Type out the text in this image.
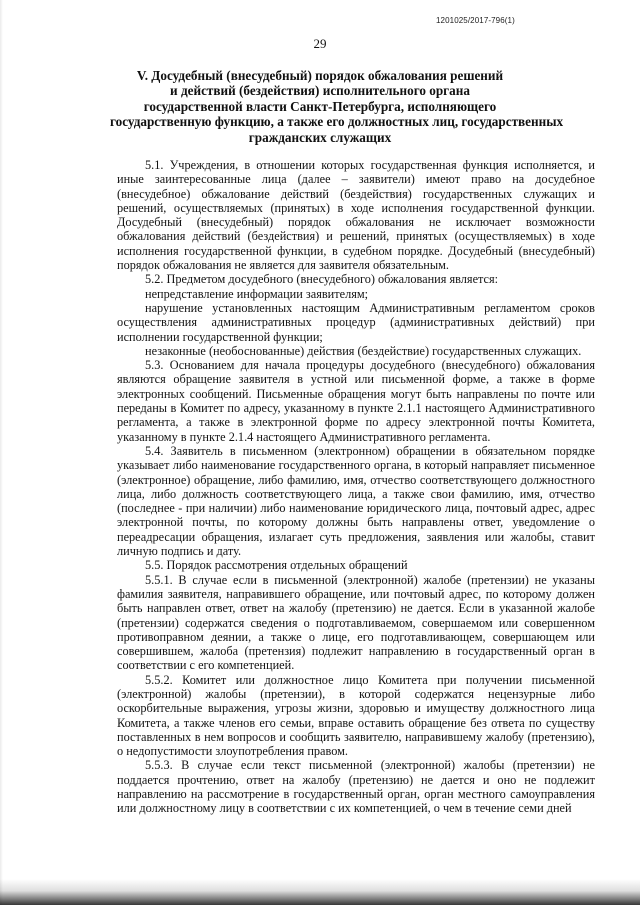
1201025/2017-796(1)
29
V. Досудебный (внесудебный) порядок обжалования решений
и действий (бездействия) исполнительного органа
государственной власти Санкт-Петербурга, исполняющего
государственную функцию, а также его должностных лиц, государственных
гражданских служащих

5.1. Учреждения, в отношении которых государственная функция исполняется, и иные заинтересованные лица (далее – заявители) имеют право на досудебное (внесудебное) обжалование действий (бездействия) государственных служащих и решений, осуществляемых (принятых) в ходе исполнения государственной функции. Досудебный (внесудебный) порядок обжалования не исключает возможности обжалования действий (бездействия) и решений, принятых (осуществляемых) в ходе исполнения государственной функции, в судебном порядке. Досудебный (внесудебный) порядок обжалования не является для заявителя обязательным.

5.2. Предметом досудебного (внесудебного) обжалования является:

непредставление информации заявителям;

нарушение установленных настоящим Административным регламентом сроков осуществления административных процедур (административных действий) при исполнении государственной функции;

незаконные (необоснованные) действия (бездействие) государственных служащих.

5.3. Основанием для начала процедуры досудебного (внесудебного) обжалования являются обращение заявителя в устной или письменной форме, а также в форме электронных сообщений. Письменные обращения могут быть направлены по почте или переданы в Комитет по адресу, указанному в пункте 2.1.1 настоящего Административного регламента, а также в электронной форме по адресу электронной почты Комитета, указанному в пункте 2.1.4 настоящего Административного регламента.

5.4. Заявитель в письменном (электронном) обращении в обязательном порядке указывает либо наименование государственного органа, в который направляет письменное (электронное) обращение, либо фамилию, имя, отчество соответствующего должностного лица, либо должность соответствующего лица, а также свои фамилию, имя, отчество (последнее - при наличии) либо наименование юридического лица, почтовый адрес, адрес электронной почты, по которому должны быть направлены ответ, уведомление о переадресации обращения, излагает суть предложения, заявления или жалобы, ставит личную подпись и дату.

5.5. Порядок рассмотрения отдельных обращений

5.5.1. В случае если в письменной (электронной) жалобе (претензии) не указаны фамилия заявителя, направившего обращение, или почтовый адрес, по которому должен быть направлен ответ, ответ на жалобу (претензию) не дается. Если в указанной жалобе (претензии) содержатся сведения о подготавливаемом, совершаемом или совершенном противоправном деянии, а также о лице, его подготавливающем, совершающем или совершившем, жалоба (претензия) подлежит направлению в государственный орган в соответствии с его компетенцией.

5.5.2. Комитет или должностное лицо Комитета при получении письменной (электронной) жалобы (претензии), в которой содержатся нецензурные либо оскорбительные выражения, угрозы жизни, здоровью и имуществу должностного лица Комитета, а также членов его семьи, вправе оставить обращение без ответа по существу поставленных в нем вопросов и сообщить заявителю, направившему жалобу (претензию), о недопустимости злоупотребления правом.

5.5.3. В случае если текст письменной (электронной) жалобы (претензии) не поддается прочтению, ответ на жалобу (претензию) не дается и оно не подлежит направлению на рассмотрение в государственный орган, орган местного самоуправления или должностному лицу в соответствии с их компетенцией, о чем в течение семи дней
